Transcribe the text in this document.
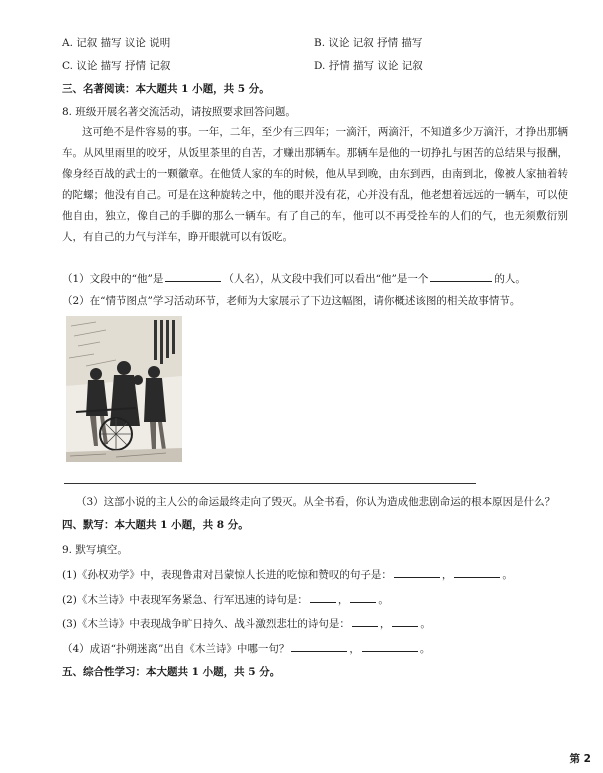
A. 记叙 描写 议论 说明	B. 议论 记叙 抒情 描写
C. 议论 描写 抒情 记叙	D. 抒情 描写 议论 记叙
三、名著阅读：本大题共 1 小题，共 5 分。
8. 班级开展名著交流活动，请按照要求回答问题。
这可绝不是件容易的事。一年，二年，至少有三四年；一滴汗，两滴汗，不知道多少万滴汗，才挣出那辆车。从风里雨里的咬牙，从饭里茶里的自苦，才赚出那辆车。那辆车是他的一切挣扎与困苦的总结果与报酬，像身经百战的武士的一颗徽章。在他赁人家的车的时候，他从早到晚，由东到西，由南到北，像被人家抽着转的陀螺；他没有自己。可是在这种旋转之中，他的眼并没有花，心并没有乱，他老想着远远的一辆车，可以使他自由，独立，像自己的手脚的那么一辆车。有了自己的车，他可以不再受拴车的人们的气，也无须敷衍别人，有自己的力气与洋车，睁开眼就可以有饭吃。
（1）文段中的“他”是	（人名），从文段中我们可以看出“他”是一个	的人。
（2）在“情节图点”学习活动环节，老师为大家展示了下边这幅图，请你概述该图的相关故事情节。
（3）这部小说的主人公的命运最终走向了毁灭。从全书看，你认为造成他悲剧命运的根本原因是什么？
四、默写：本大题共 1 小题，共 8 分。
9. 默写填空。
(1)《孙权劝学》中，表现鲁肃对吕蒙惊人长进的吃惊和赞叹的句子是：	，	。
(2)《木兰诗》中表现军务紧急、行军迅速的诗句是：	，	。
(3)《木兰诗》中表现战争旷日持久、战斗激烈悲壮的诗句是：	，	。
（4）成语“扑朔迷离”出自《木兰诗》中哪一句？	，	。
五、综合性学习：本大题共 1 小题，共 5 分。
第 2
